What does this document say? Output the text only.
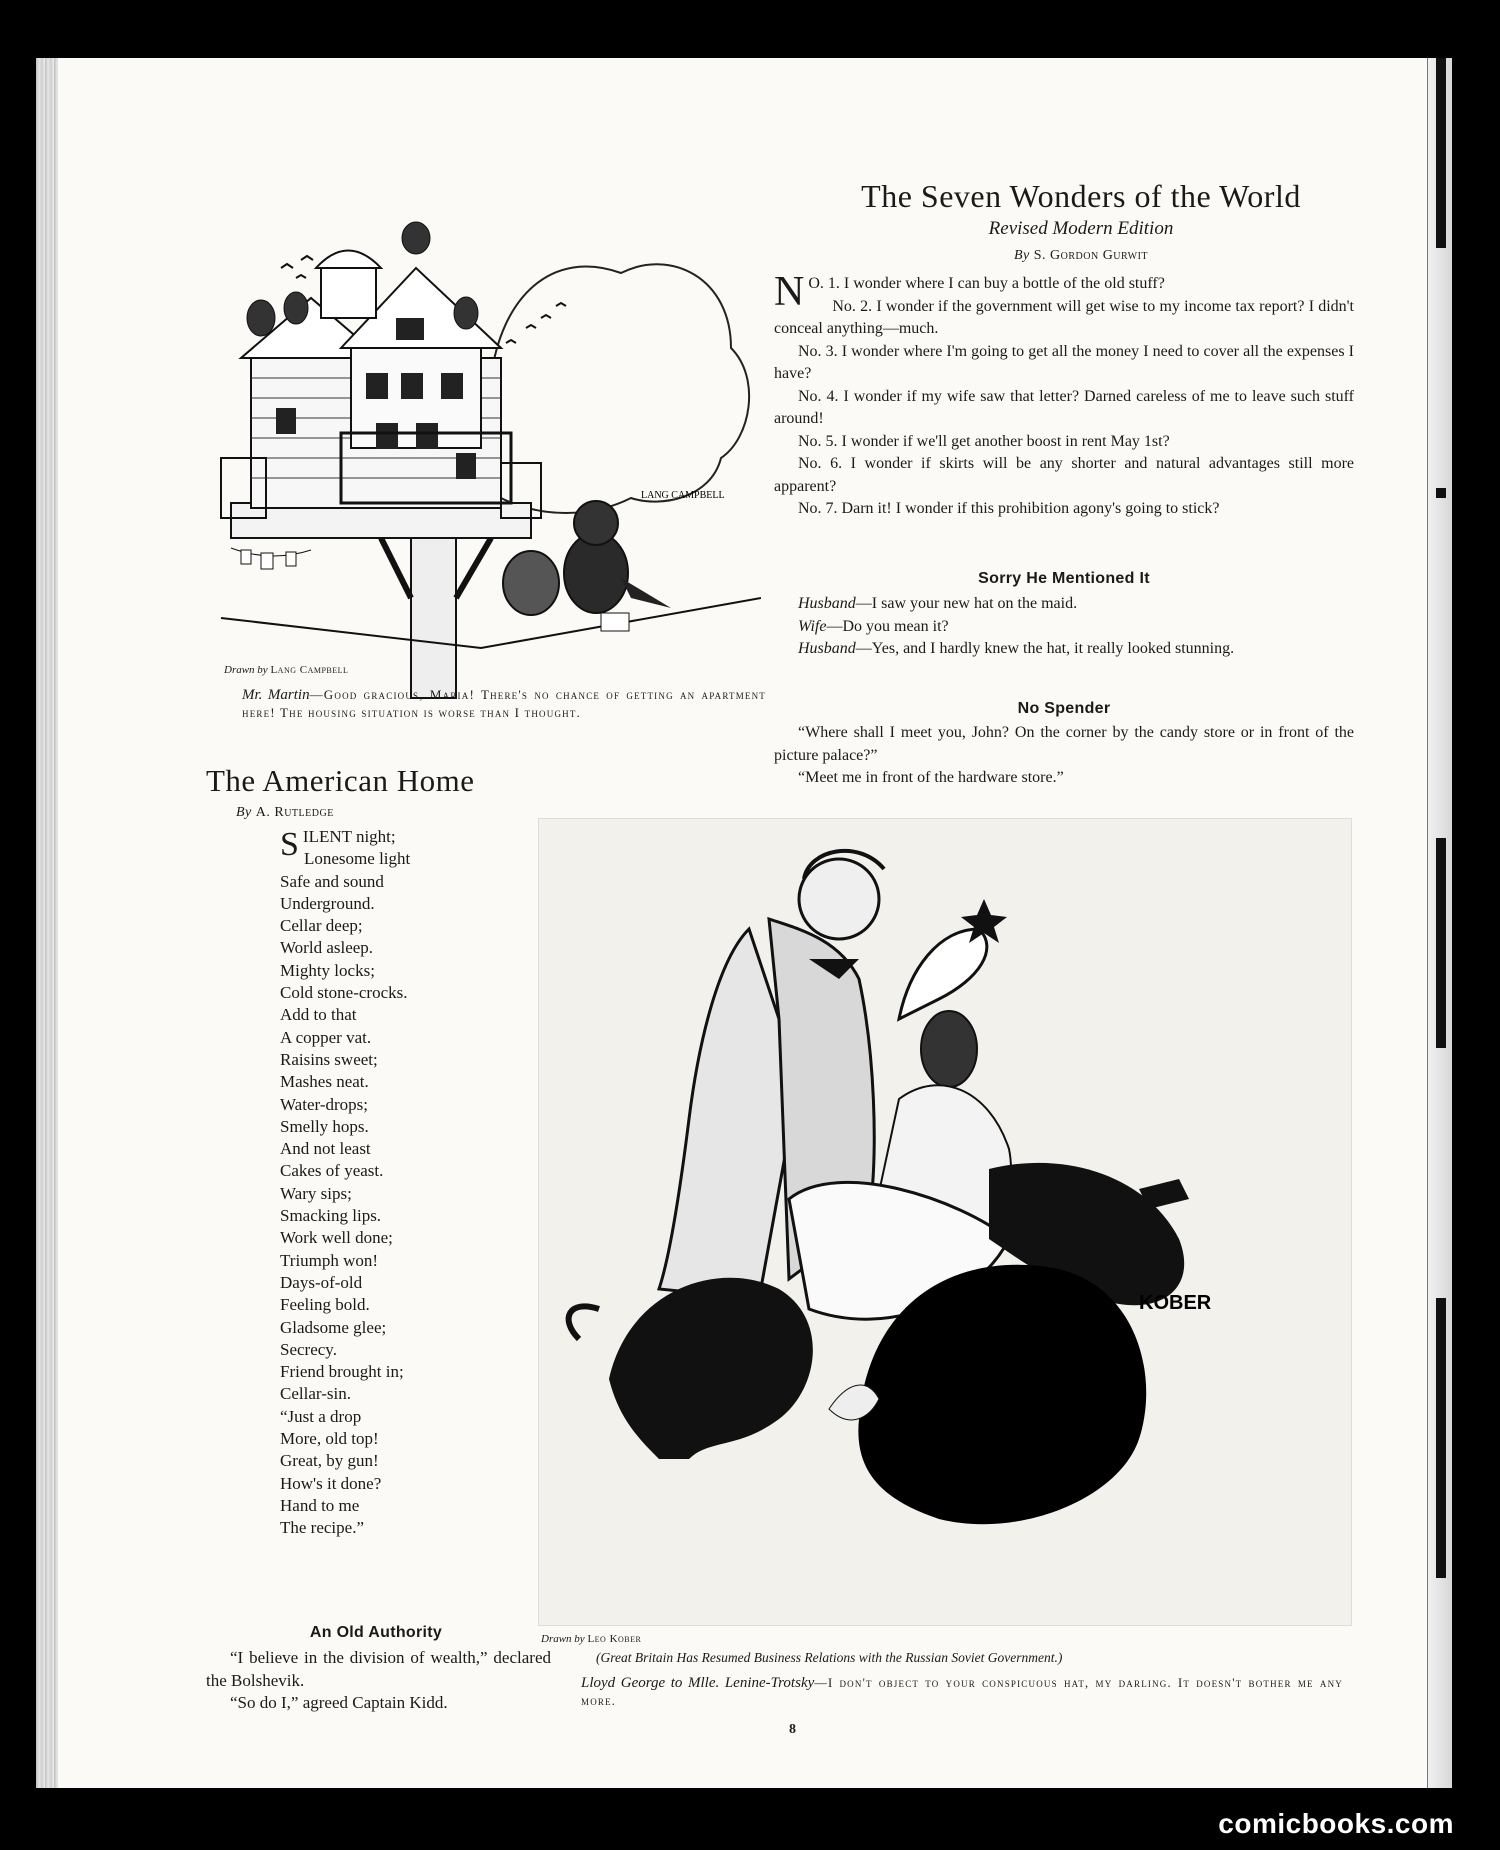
LANG CAMPBELL
Drawn by Lang Campbell
Mr. Martin—Good gracious, Maria! There's no chance of getting an apartment here! The housing situation is worse than I thought.
The Seven Wonders of the World
Revised Modern Edition
By S. Gordon Gurwit

N O. 1. I wonder where I can buy a bottle of the old stuff?

No. 2. I wonder if the government will get wise to my income tax report? I didn't conceal anything—much.

No. 3. I wonder where I'm going to get all the money I need to cover all the expenses I have?

No. 4. I wonder if my wife saw that letter? Darned careless of me to leave such stuff around!

No. 5. I wonder if we'll get another boost in rent May 1st?

No. 6. I wonder if skirts will be any shorter and natural advantages still more apparent?

No. 7. Darn it! I wonder if this prohibition agony's going to stick?

Sorry He Mentioned It

Husband—I saw your new hat on the maid.

Wife—Do you mean it?

Husband—Yes, and I hardly knew the hat, it really looked stunning.

No Spender

“Where shall I meet you, John? On the corner by the candy store or in front of the picture palace?”

“Meet me in front of the hardware store.”

The American Home
By A. Rutledge
SILENT night;
Lonesome light
Safe and sound
Underground.
Cellar deep;
World asleep.
Mighty locks;
Cold stone-crocks.
Add to that
A copper vat.
Raisins sweet;
Mashes neat.
Water-drops;
Smelly hops.
And not least
Cakes of yeast.
Wary sips;
Smacking lips.
Work well done;
Triumph won!
Days-of-old
Feeling bold.
Gladsome glee;
Secrecy.
Friend brought in;
Cellar-sin.
“Just a drop
More, old top!
Great, by gun!
How's it done?
Hand to me
The recipe.”
An Old Authority

“I believe in the division of wealth,” declared the Bolshevik.

“So do I,” agreed Captain Kidd.

KOBER
Drawn by Leo Kober
(Great Britain Has Resumed Business Relations with the Russian Soviet Government.)
Lloyd George to Mlle. Lenine-Trotsky—I don't object to your conspicuous hat, my darling. It doesn't bother me any more.
8
comicbooks.com
